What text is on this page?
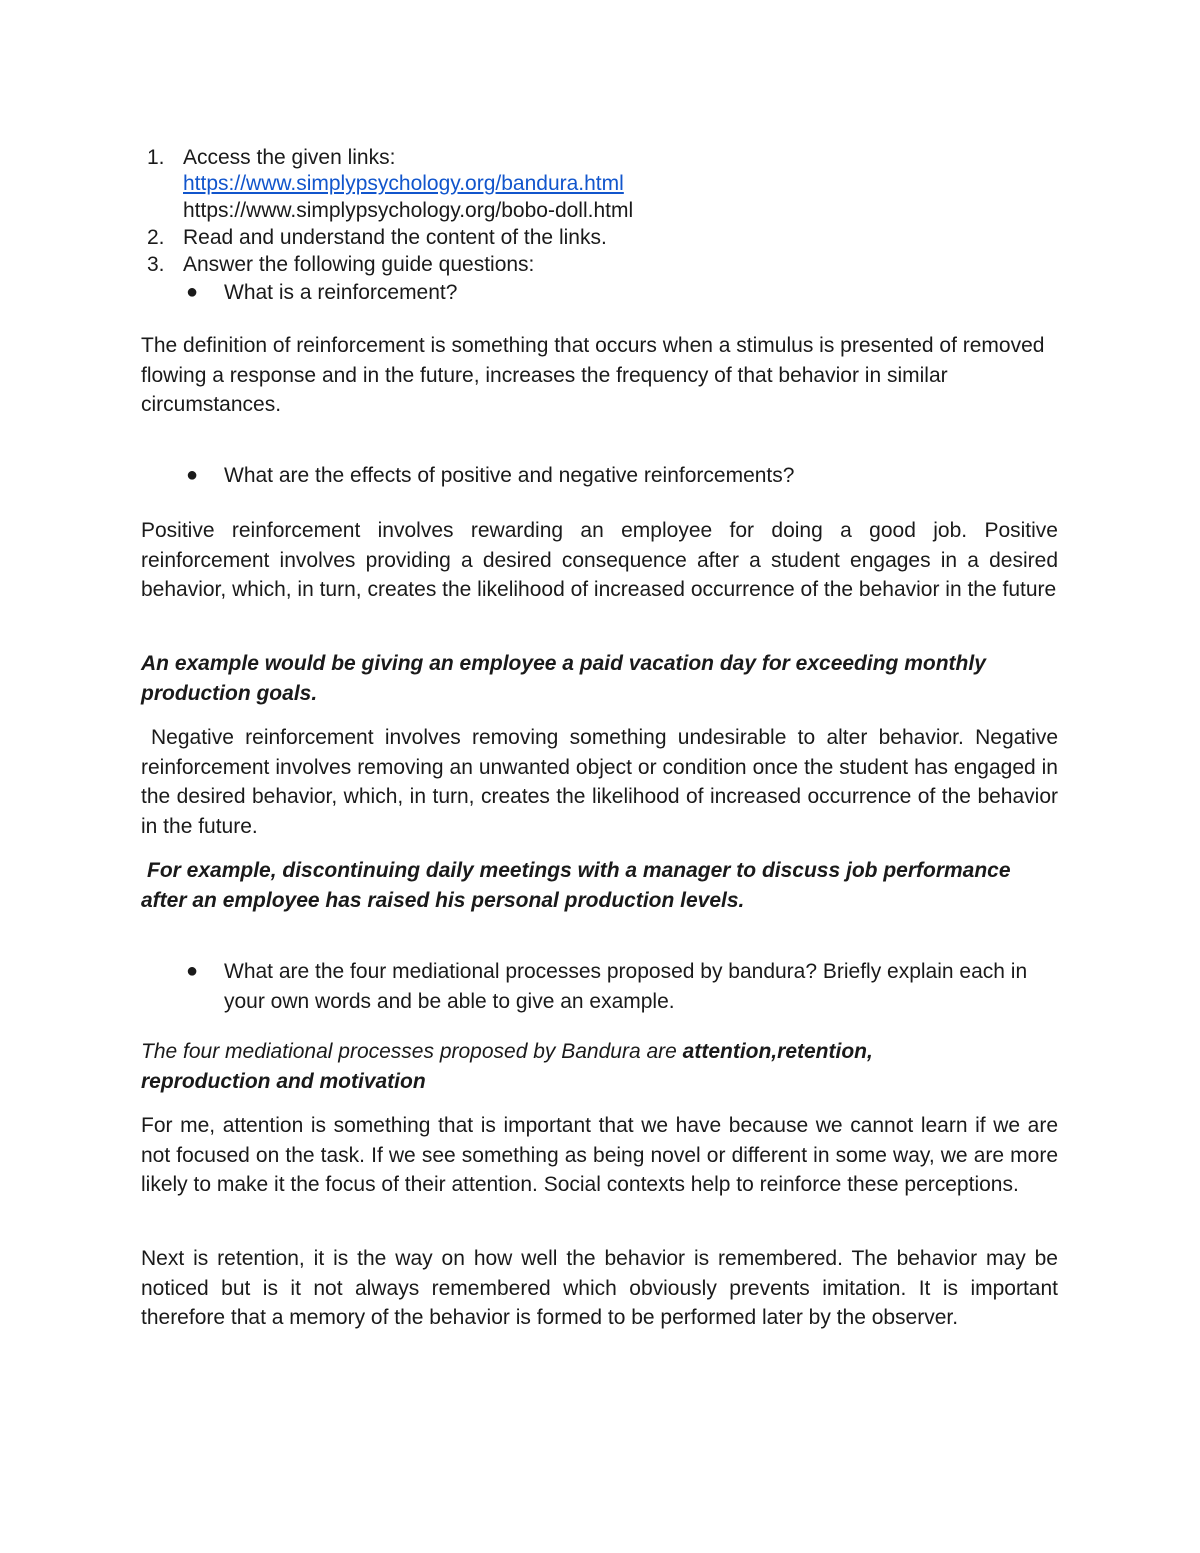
1. Access the given links:
https://www.simplypsychology.org/bandura.html
https://www.simplypsychology.org/bobo-doll.html
2. Read and understand the content of the links.
3. Answer the following guide questions:
● What is a reinforcement?

The definition of reinforcement is something that occurs when a stimulus is presented of removed flowing a response and in the future, increases the frequency of that behavior in similar circumstances.

● What are the effects of positive and negative reinforcements?

Positive reinforcement involves rewarding an employee for doing a good job. Positive reinforcement involves providing a desired consequence after a student engages in a desired behavior, which, in turn, creates the likelihood of increased occurrence of the behavior in the future

An example would be giving an employee a paid vacation day for exceeding monthly production goals.

Negative reinforcement involves removing something undesirable to alter behavior. Negative reinforcement involves removing an unwanted object or condition once the student has engaged in the desired behavior, which, in turn, creates the likelihood of increased occurrence of the behavior in the future.

For example, discontinuing daily meetings with a manager to discuss job performance after an employee has raised his personal production levels.

● What are the four mediational processes proposed by bandura? Briefly explain each in your own words and be able to give an example.

The four mediational processes proposed by Bandura are attention,retention, reproduction and motivation

For me, attention is something that is important that we have because we cannot learn if we are not focused on the task. If we see something as being novel or different in some way, we are more likely to make it the focus of their attention. Social contexts help to reinforce these perceptions.

Next is retention, it is the way on how well the behavior is remembered. The behavior may be noticed but is it not always remembered which obviously prevents imitation. It is important therefore that a memory of the behavior is formed to be performed later by the observer.
